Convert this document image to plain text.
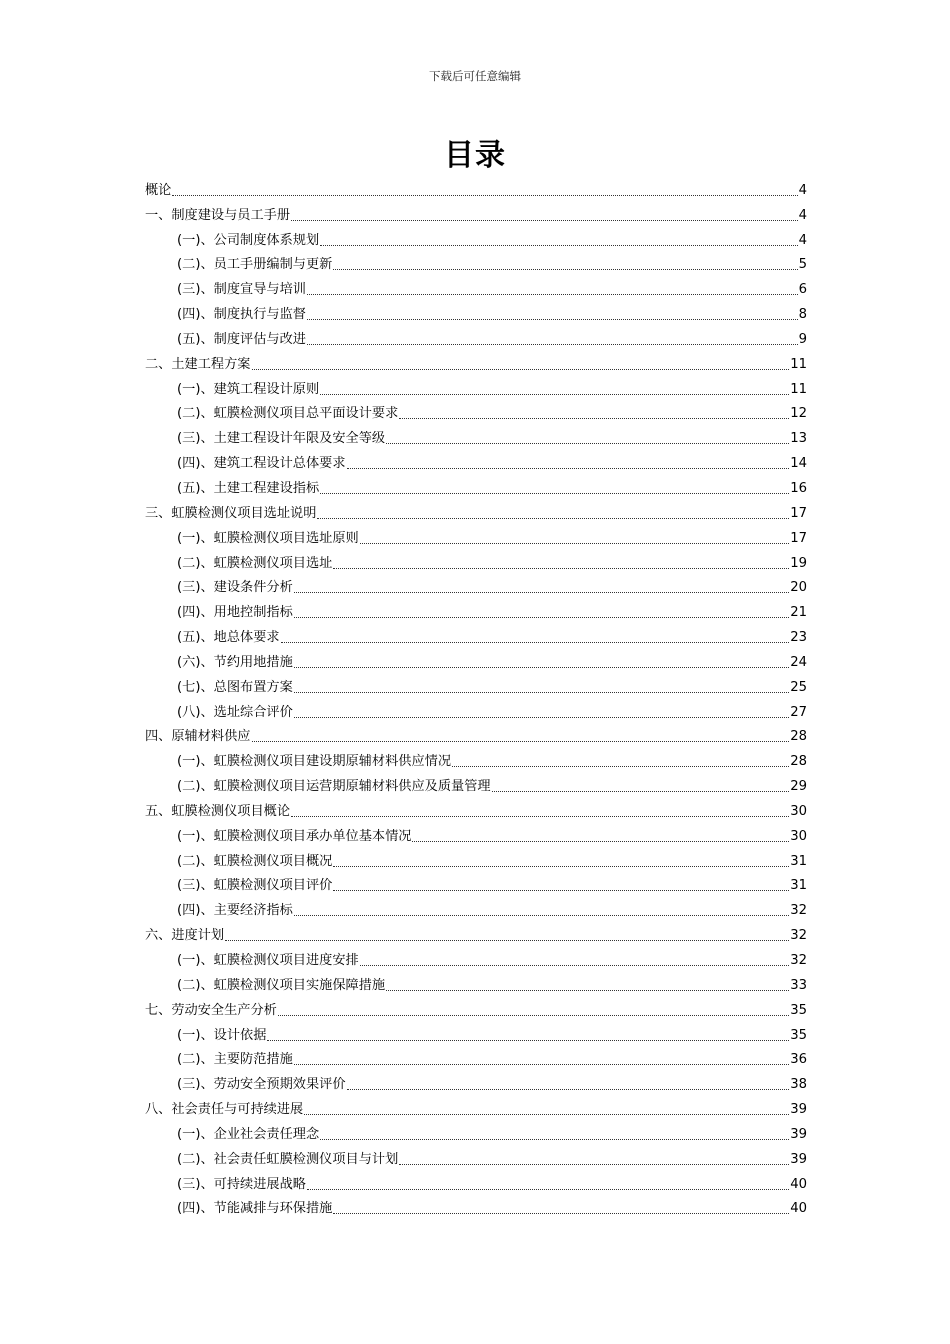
下载后可任意编辑
目录
概论	4
一、制度建设与员工手册	4
(一)、公司制度体系规划	4
(二)、员工手册编制与更新	5
(三)、制度宣导与培训	6
(四)、制度执行与监督	8
(五)、制度评估与改进	9
二、土建工程方案	11
(一)、建筑工程设计原则	11
(二)、虹膜检测仪项目总平面设计要求	12
(三)、土建工程设计年限及安全等级	13
(四)、建筑工程设计总体要求	14
(五)、土建工程建设指标	16
三、虹膜检测仪项目选址说明	17
(一)、虹膜检测仪项目选址原则	17
(二)、虹膜检测仪项目选址	19
(三)、建设条件分析	20
(四)、用地控制指标	21
(五)、地总体要求	23
(六)、节约用地措施	24
(七)、总图布置方案	25
(八)、选址综合评价	27
四、原辅材料供应	28
(一)、虹膜检测仪项目建设期原辅材料供应情况	28
(二)、虹膜检测仪项目运营期原辅材料供应及质量管理	29
五、虹膜检测仪项目概论	30
(一)、虹膜检测仪项目承办单位基本情况	30
(二)、虹膜检测仪项目概况	31
(三)、虹膜检测仪项目评价	31
(四)、主要经济指标	32
六、进度计划	32
(一)、虹膜检测仪项目进度安排	32
(二)、虹膜检测仪项目实施保障措施	33
七、劳动安全生产分析	35
(一)、设计依据	35
(二)、主要防范措施	36
(三)、劳动安全预期效果评价	38
八、社会责任与可持续进展	39
(一)、企业社会责任理念	39
(二)、社会责任虹膜检测仪项目与计划	39
(三)、可持续进展战略	40
(四)、节能减排与环保措施	40
